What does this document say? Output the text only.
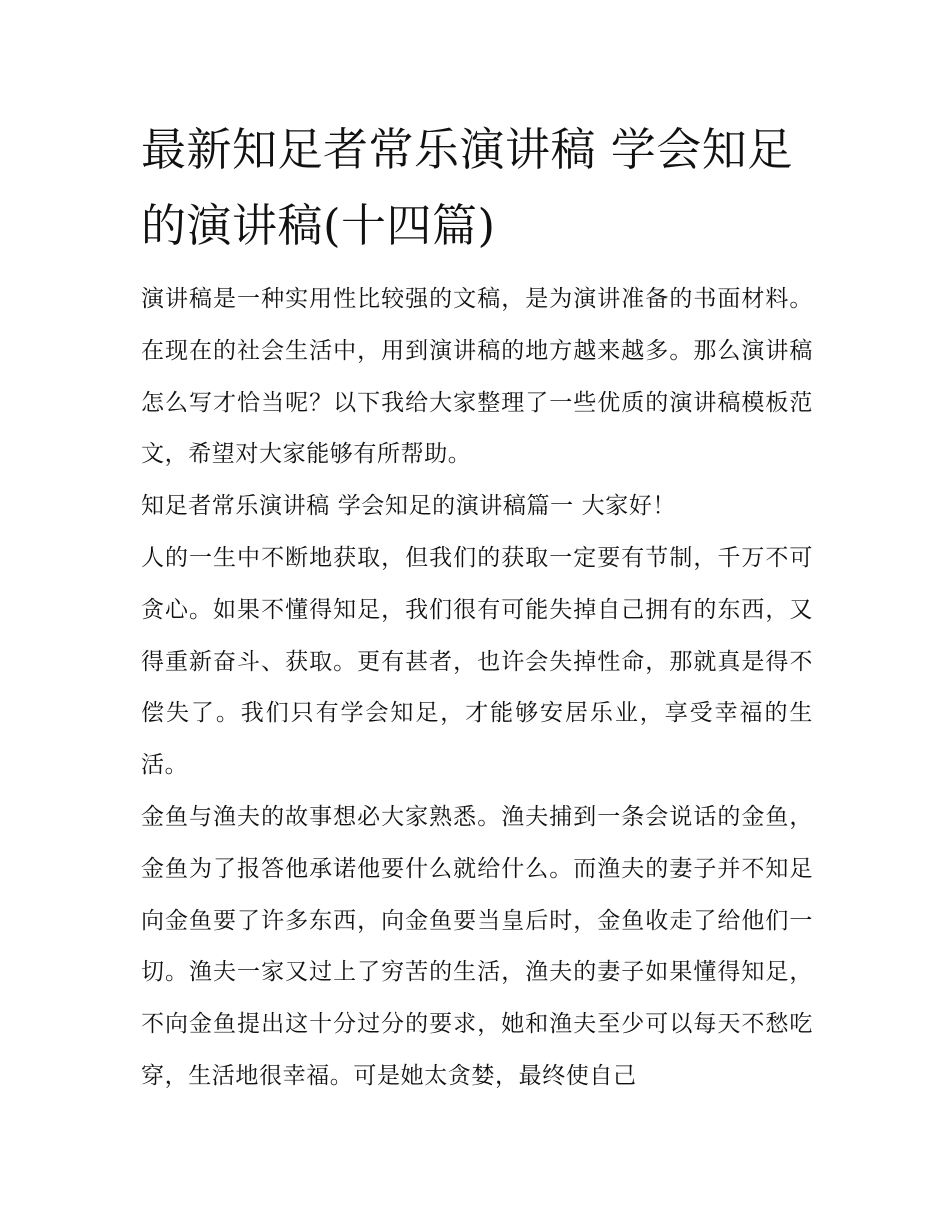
最新知足者常乐演讲稿 学会知足的演讲稿(十四篇)

演讲稿是一种实用性比较强的文稿，是为演讲准备的书面材料。在现在的社会生活中，用到演讲稿的地方越来越多。那么演讲稿怎么写才恰当呢？以下我给大家整理了一些优质的演讲稿模板范文，希望对大家能够有所帮助。

知足者常乐演讲稿 学会知足的演讲稿篇一 大家好！

人的一生中不断地获取，但我们的获取一定要有节制，千万不可贪心。如果不懂得知足，我们很有可能失掉自己拥有的东西，又得重新奋斗、获取。更有甚者，也许会失掉性命，那就真是得不偿失了。我们只有学会知足，才能够安居乐业，享受幸福的生活。

金鱼与渔夫的故事想必大家熟悉。渔夫捕到一条会说话的金鱼，金鱼为了报答他承诺他要什么就给什么。而渔夫的妻子并不知足向金鱼要了许多东西，向金鱼要当皇后时，金鱼收走了给他们一切。渔夫一家又过上了穷苦的生活，渔夫的妻子如果懂得知足，不向金鱼提出这十分过分的要求，她和渔夫至少可以每天不愁吃穿，生活地很幸福。可是她太贪婪，最终使自己
